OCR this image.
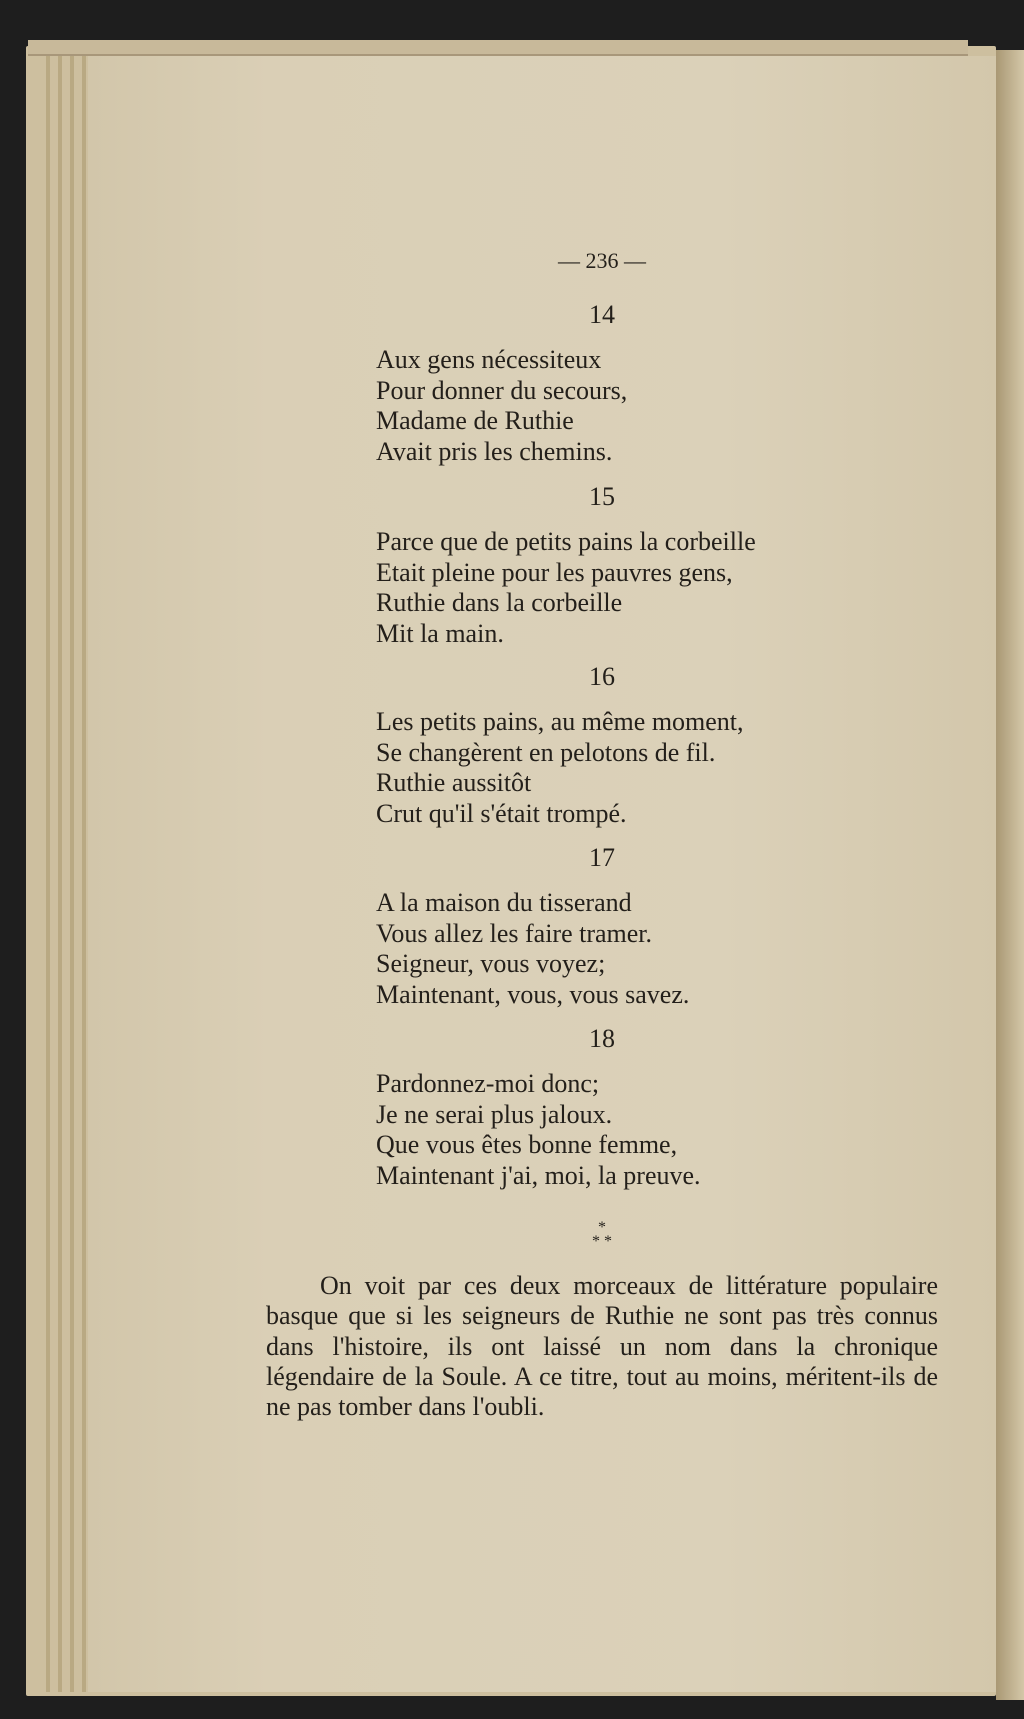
— 236 —
14
Aux gens nécessiteux
Pour donner du secours,
Madame de Ruthie
Avait pris les chemins.
15
Parce que de petits pains la corbeille
Etait pleine pour les pauvres gens,
Ruthie dans la corbeille
Mit la main.
16
Les petits pains, au même moment,
Se changèrent en pelotons de fil.
Ruthie aussitôt
Crut qu'il s'était trompé.
17
A la maison du tisserand
Vous allez les faire tramer.
Seigneur, vous voyez;
Maintenant, vous, vous savez.
18
Pardonnez-moi donc;
Je ne serai plus jaloux.
Que vous êtes bonne femme,
Maintenant j'ai, moi, la preuve.
*
* *
On voit par ces deux morceaux de littérature populaire basque que si les seigneurs de Ruthie ne sont pas très connus dans l'histoire, ils ont laissé un nom dans la chronique légendaire de la Soule. A ce titre, tout au moins, méritent-ils de ne pas tomber dans l'oubli.
